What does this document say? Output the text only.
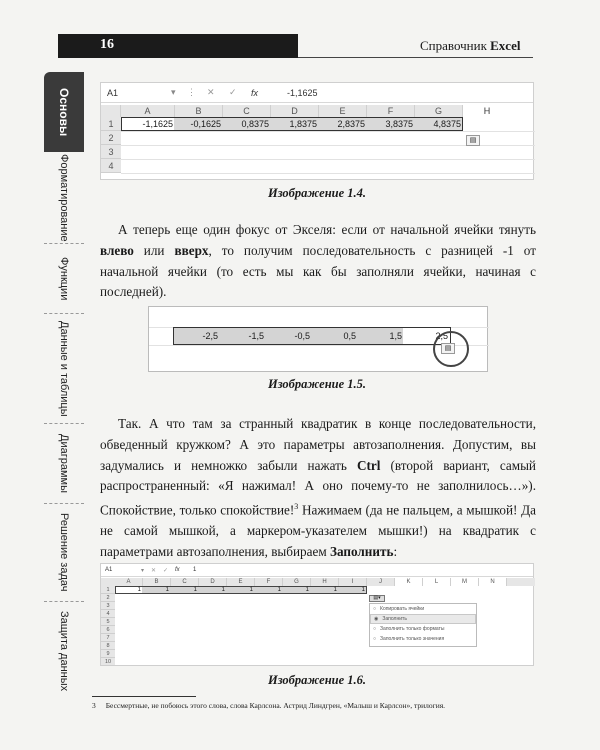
16	Справочник Excel
Основы
Форматирование
Функции
Данные и таблицы
Диаграммы
Решение задач
Защита данных
A1	▾	⋮	✕	✓	fx	-1,1625
A	B	C	D	E	F	G	H
1
2
3
4
-1,1625	-0,1625	0,8375	1,8375	2,8375	3,8375	4,8375
▤
Изображение 1.4.
А теперь еще один фокус от Экселя: если от начальной ячейки тянуть влево или вверх, то получим последовательность с разницей -1 от начальной ячейки (то есть мы как бы заполняли ячейки, начиная с последней).
-2,5	-1,5	-0,5	0,5	1,5	2,5
▤
Изображение 1.5.
Так. А что там за странный квадратик в конце последовательности, обведенный кружком? А это параметры автозаполнения. Допустим, вы задумались и немножко забыли нажать Ctrl (второй вариант, самый распространенный: «Я нажимал! А оно почему-то не заполнилось…»). Спокойствие, только спокойствие!$^3$ Нажимаем (да не пальцем, а мышкой! Да не самой мышкой, а маркером-указателем мышки!) на квадратик с параметрами автозаполнения, выбираем Заполнить:
A1	▾	✕	✓	fx	1
A	B	C	D	E	F	G	H	I	J	K	L	M	N
1
2
3
4
5
6
7
8
9
10
1	1	1	1	1	1	1	1	1
▤▾
○ Копировать ячейки
◉ Заполнить
○ Заполнить только форматы
○ Заполнить только значения
Изображение 1.6.
3 Бессмертные, не побоюсь этого слова, слова Карлсона. Астрид Линдгрен, «Малыш и Карлсон», трилогия.
